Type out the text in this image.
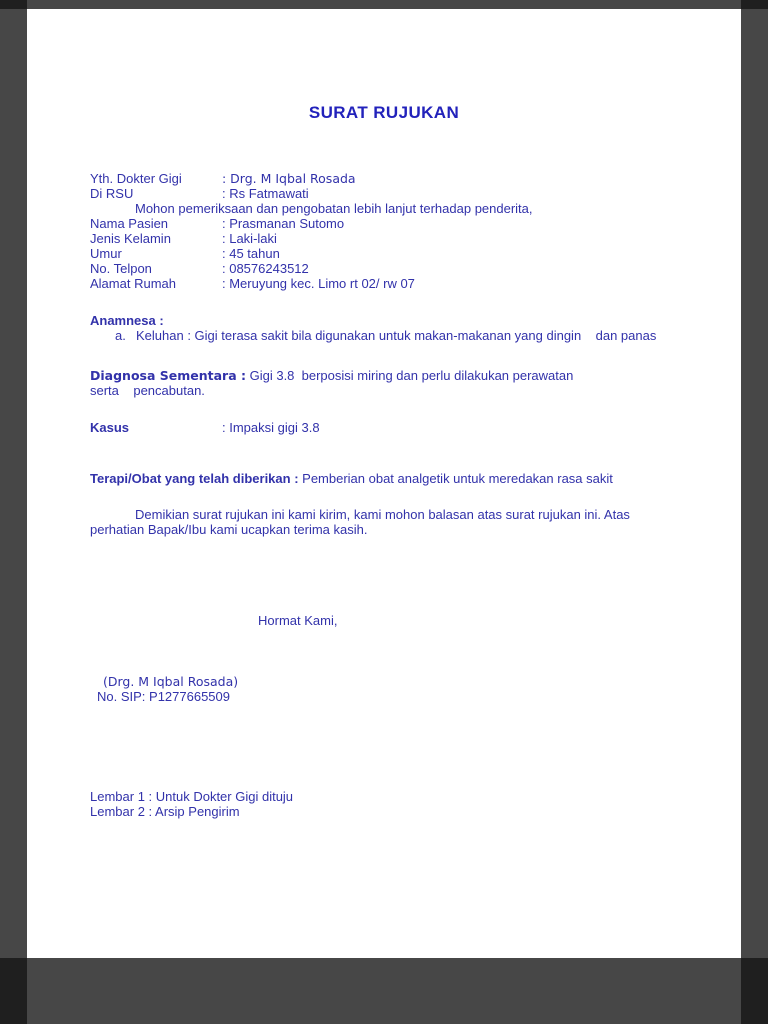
SURAT RUJUKAN
Yth. Dokter Gigi	: Drg. M Iqbal Rosada
Di RSU	: Rs Fatmawati
Mohon pemeriksaan dan pengobatan lebih lanjut terhadap penderita,
Nama Pasien	: Prasmanan Sutomo
Jenis Kelamin	: Laki-laki
Umur	: 45 tahun
No. Telpon	: 08576243512
Alamat Rumah	: Meruyung kec. Limo rt 02/ rw 07
Anamnesa :
a. Keluhan : Gigi terasa sakit bila digunakan untuk makan-makanan yang dingin    dan panas
Diagnosa Sementara : Gigi 3.8  berposisi miring dan perlu dilakukan perawatan
serta    pencabutan.
Kasus	: Impaksi gigi 3.8
Terapi/Obat yang telah diberikan : Pemberian obat analgetik untuk meredakan rasa sakit
Demikian surat rujukan ini kami kirim, kami mohon balasan atas surat rujukan ini. Atas
perhatian Bapak/Ibu kami ucapkan terima kasih.
Hormat Kami,
(Drg. M Iqbal Rosada)
No. SIP: P1277665509
Lembar 1 : Untuk Dokter Gigi dituju
Lembar 2 : Arsip Pengirim
